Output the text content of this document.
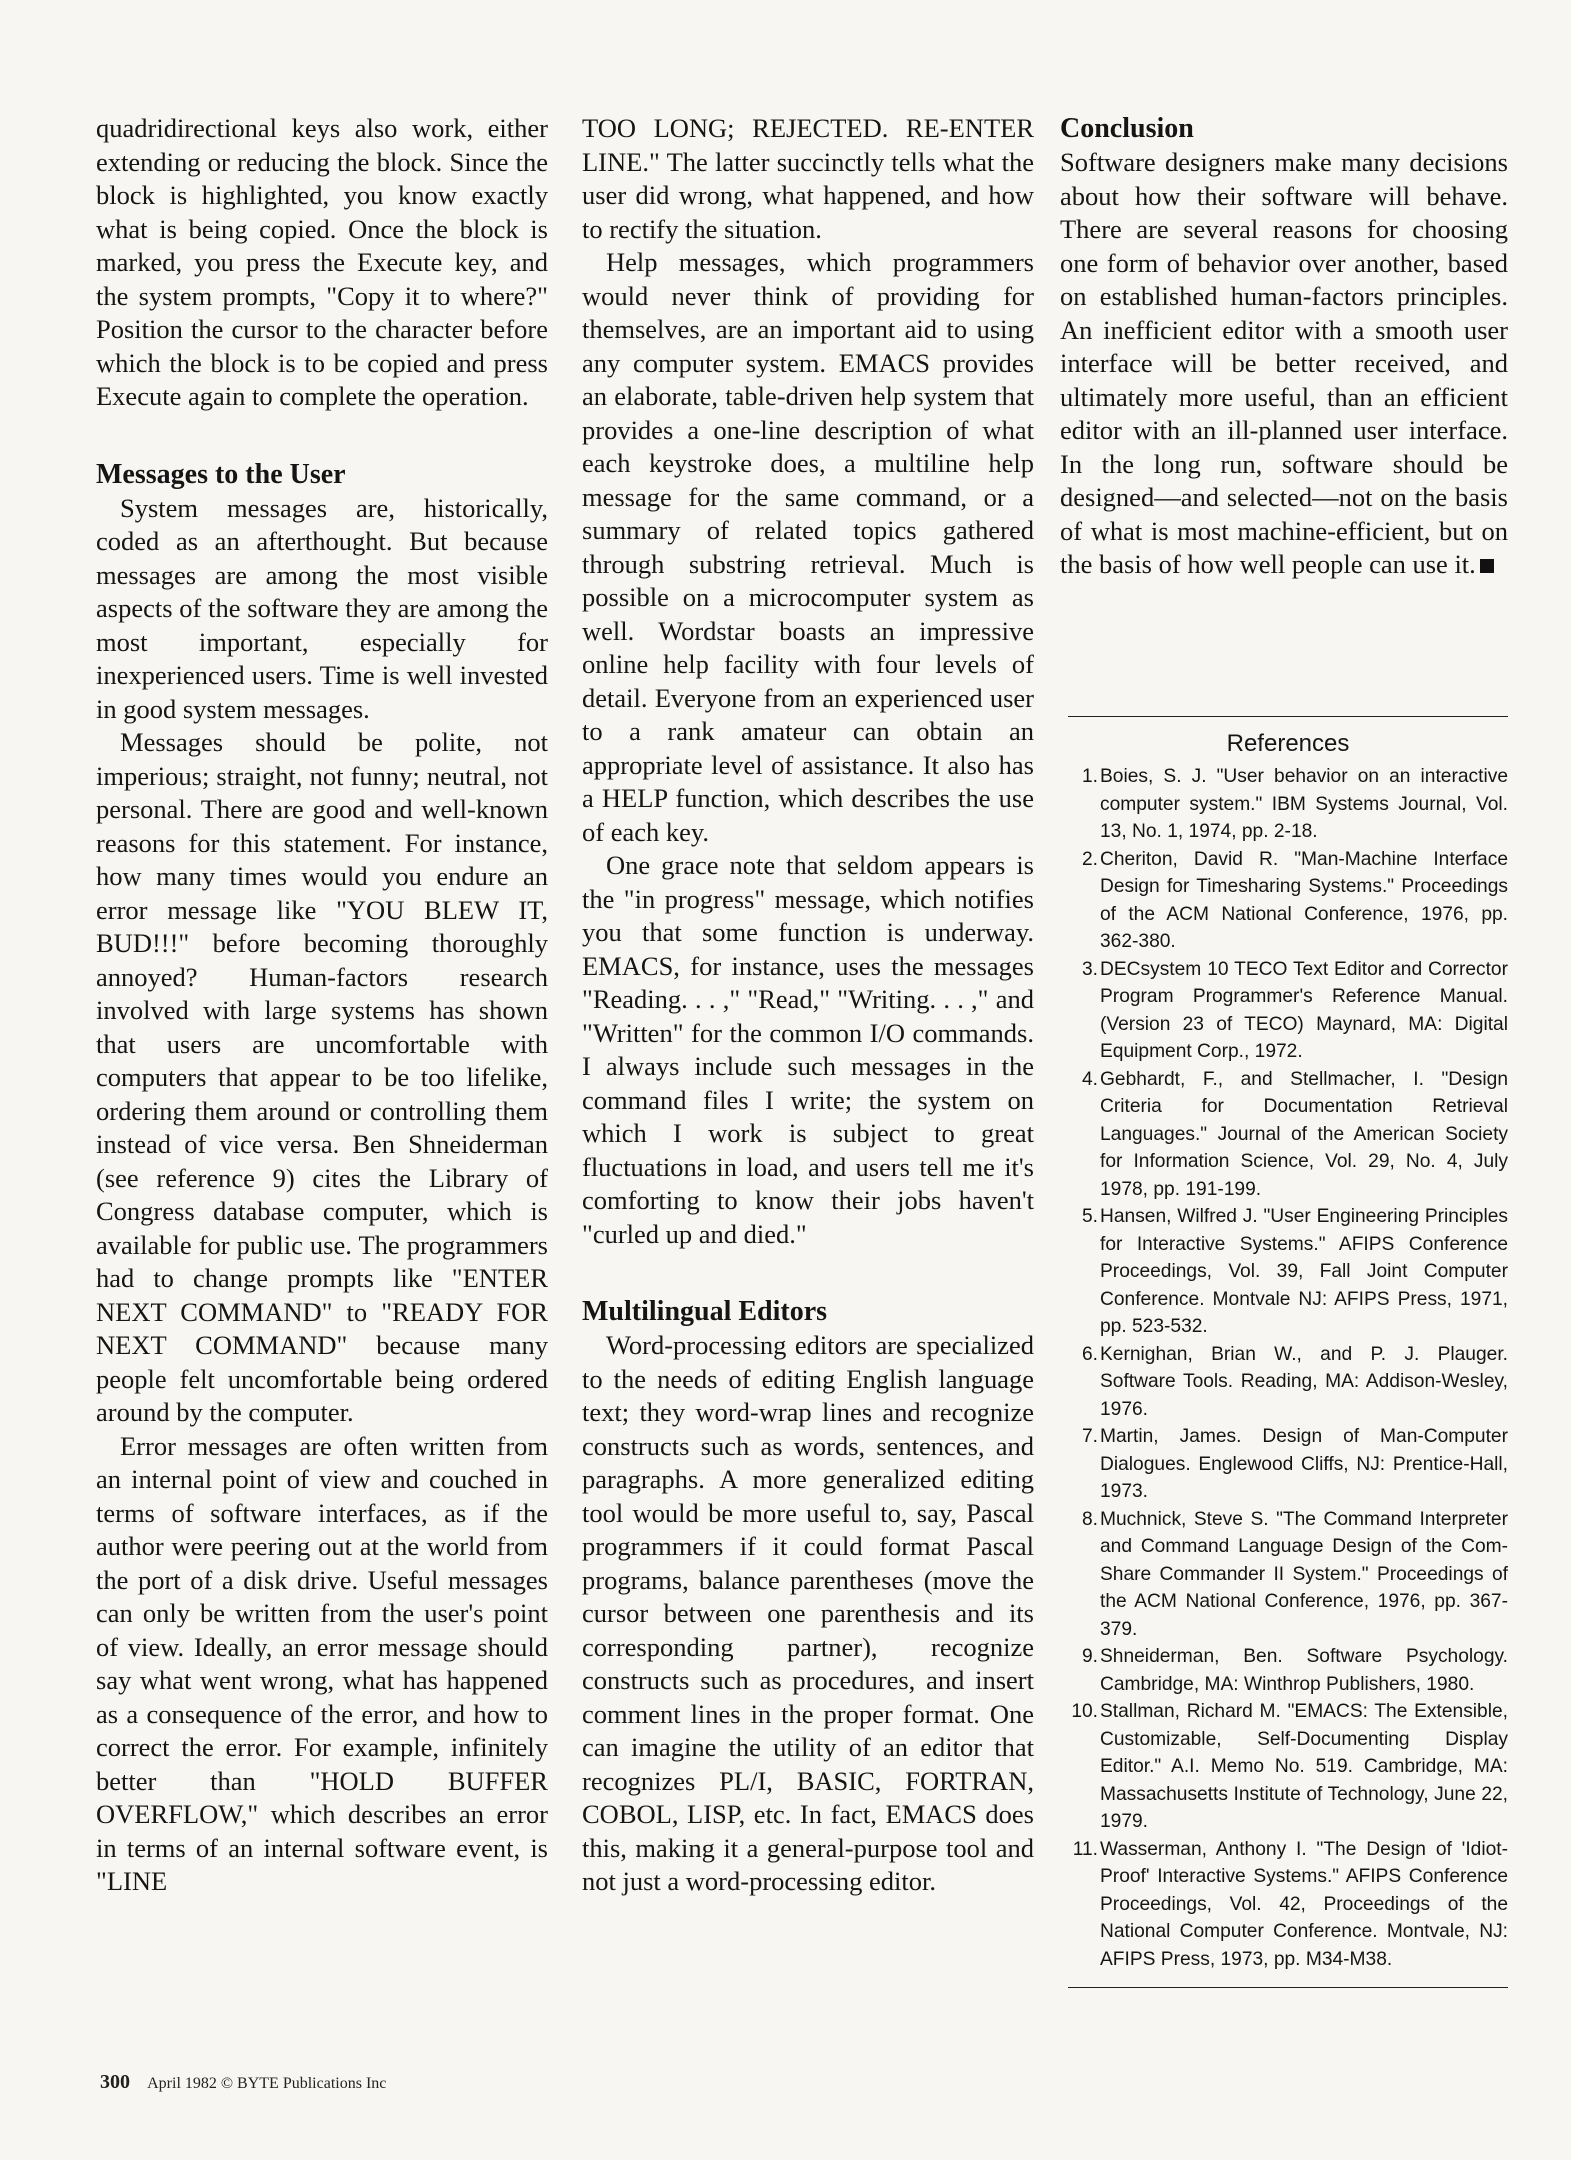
quadridirectional keys also work, either extending or reducing the block. Since the block is highlighted, you know exactly what is being copied. Once the block is marked, you press the Execute key, and the system prompts, "Copy it to where?" Position the cursor to the character before which the block is to be copied and press Execute again to complete the operation.

Messages to the User

System messages are, historically, coded as an afterthought. But because messages are among the most visible aspects of the software they are among the most important, especially for inexperienced users. Time is well invested in good system messages.

Messages should be polite, not imperious; straight, not funny; neutral, not personal. There are good and well-known reasons for this statement. For instance, how many times would you endure an error message like "YOU BLEW IT, BUD!!!" before becoming thoroughly annoyed? Human-factors research involved with large systems has shown that users are uncomfortable with computers that appear to be too lifelike, ordering them around or controlling them instead of vice versa. Ben Shneiderman (see reference 9) cites the Library of Congress database computer, which is available for public use. The programmers had to change prompts like "ENTER NEXT COMMAND" to "READY FOR NEXT COMMAND" because many people felt uncomfortable being ordered around by the computer.

Error messages are often written from an internal point of view and couched in terms of software interfaces, as if the author were peering out at the world from the port of a disk drive. Useful messages can only be written from the user's point of view. Ideally, an error message should say what went wrong, what has happened as a consequence of the error, and how to correct the error. For example, infinitely better than "HOLD BUFFER OVERFLOW," which describes an error in terms of an internal software event, is "LINE

TOO LONG; REJECTED. RE-ENTER LINE." The latter succinctly tells what the user did wrong, what happened, and how to rectify the situation.

Help messages, which programmers would never think of providing for themselves, are an important aid to using any computer system. EMACS provides an elaborate, table-driven help system that provides a one-line description of what each keystroke does, a multiline help message for the same command, or a summary of related topics gathered through substring retrieval. Much is possible on a microcomputer system as well. Wordstar boasts an impressive online help facility with four levels of detail. Everyone from an experienced user to a rank amateur can obtain an appropriate level of assistance. It also has a HELP function, which describes the use of each key.

One grace note that seldom appears is the "in progress" message, which notifies you that some function is underway. EMACS, for instance, uses the messages "Reading. . . ," "Read," "Writing. . . ," and "Written" for the common I/O commands. I always include such messages in the command files I write; the system on which I work is subject to great fluctuations in load, and users tell me it's comforting to know their jobs haven't "curled up and died."

Multilingual Editors

Word-processing editors are specialized to the needs of editing English language text; they word-wrap lines and recognize constructs such as words, sentences, and paragraphs. A more generalized editing tool would be more useful to, say, Pascal programmers if it could format Pascal programs, balance parentheses (move the cursor between one parenthesis and its corresponding partner), recognize constructs such as procedures, and insert comment lines in the proper format. One can imagine the utility of an editor that recognizes PL/I, BASIC, FORTRAN, COBOL, LISP, etc. In fact, EMACS does this, making it a general-purpose tool and not just a word-processing editor.

Conclusion

Software designers make many decisions about how their software will behave. There are several reasons for choosing one form of behavior over another, based on established human-factors principles. An inefficient editor with a smooth user interface will be better received, and ultimately more useful, than an efficient editor with an ill-planned user interface. In the long run, software should be designed—and selected—not on the basis of what is most machine-efficient, but on the basis of how well people can use it.

References
1. Boies, S. J. "User behavior on an interactive computer system." IBM Systems Journal, Vol. 13, No. 1, 1974, pp. 2-18.
2. Cheriton, David R. "Man-Machine Interface Design for Timesharing Systems." Proceedings of the ACM National Conference, 1976, pp. 362-380.
3. DECsystem 10 TECO Text Editor and Corrector Program Programmer's Reference Manual. (Version 23 of TECO) Maynard, MA: Digital Equipment Corp., 1972.
4. Gebhardt, F., and Stellmacher, I. "Design Criteria for Documentation Retrieval Languages." Journal of the American Society for Information Science, Vol. 29, No. 4, July 1978, pp. 191-199.
5. Hansen, Wilfred J. "User Engineering Principles for Interactive Systems." AFIPS Conference Proceedings, Vol. 39, Fall Joint Computer Conference. Montvale NJ: AFIPS Press, 1971, pp. 523-532.
6. Kernighan, Brian W., and P. J. Plauger. Software Tools. Reading, MA: Addison-Wesley, 1976.
7. Martin, James. Design of Man-Computer Dialogues. Englewood Cliffs, NJ: Prentice-Hall, 1973.
8. Muchnick, Steve S. "The Command Interpreter and Command Language Design of the Com-Share Commander II System." Proceedings of the ACM National Conference, 1976, pp. 367-379.
9. Shneiderman, Ben. Software Psychology. Cambridge, MA: Winthrop Publishers, 1980.
10. Stallman, Richard M. "EMACS: The Extensible, Customizable, Self-Documenting Display Editor." A.I. Memo No. 519. Cambridge, MA: Massachusetts Institute of Technology, June 22, 1979.
11. Wasserman, Anthony I. "The Design of 'Idiot-Proof' Interactive Systems." AFIPS Conference Proceedings, Vol. 42, Proceedings of the National Computer Conference. Montvale, NJ: AFIPS Press, 1973, pp. M34-M38.
300 April 1982 © BYTE Publications Inc
